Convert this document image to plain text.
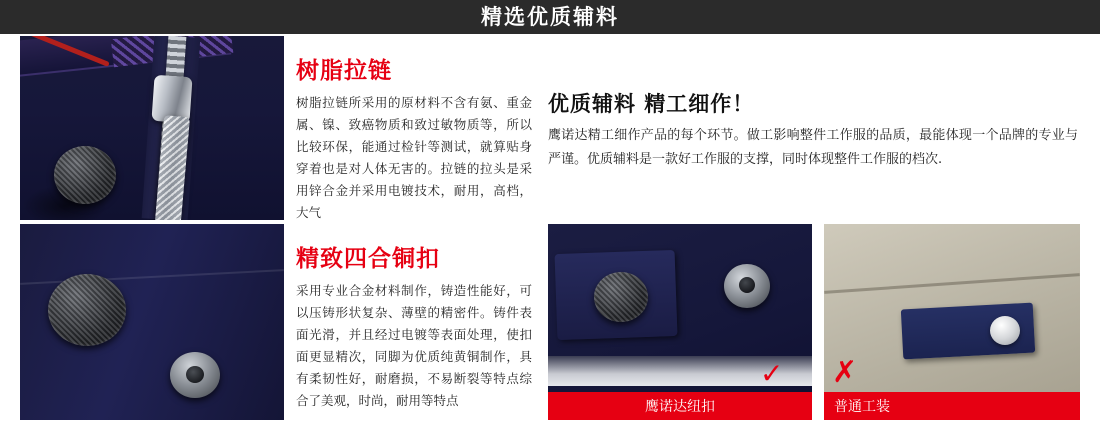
精选优质辅料
✓
鹰诺达纽扣
✗
普通工装
树脂拉链
树脂拉链所采用的原材料不含有氨、重金属、镍、致癌物质和致过敏物质等，所以比较环保，能通过检针等测试，就算贴身穿着也是对人体无害的。拉链的拉头是采用锌合金并采用电镀技术，耐用，高档，大气
精致四合铜扣
采用专业合金材料制作，铸造性能好，可以压铸形状复杂、薄壁的精密件。铸件表面光滑，并且经过电镀等表面处理，使扣面更显精次，同脚为优质纯黄铜制作，具有柔韧性好，耐磨损，不易断裂等特点综合了美观，时尚，耐用等特点
优质辅料 精工细作！
鹰诺达精工细作产品的每个环节。做工影响整件工作服的品质，最能体现一个品牌的专业与严谨。优质辅料是一款好工作服的支撑，同时体现整件工作服的档次.
